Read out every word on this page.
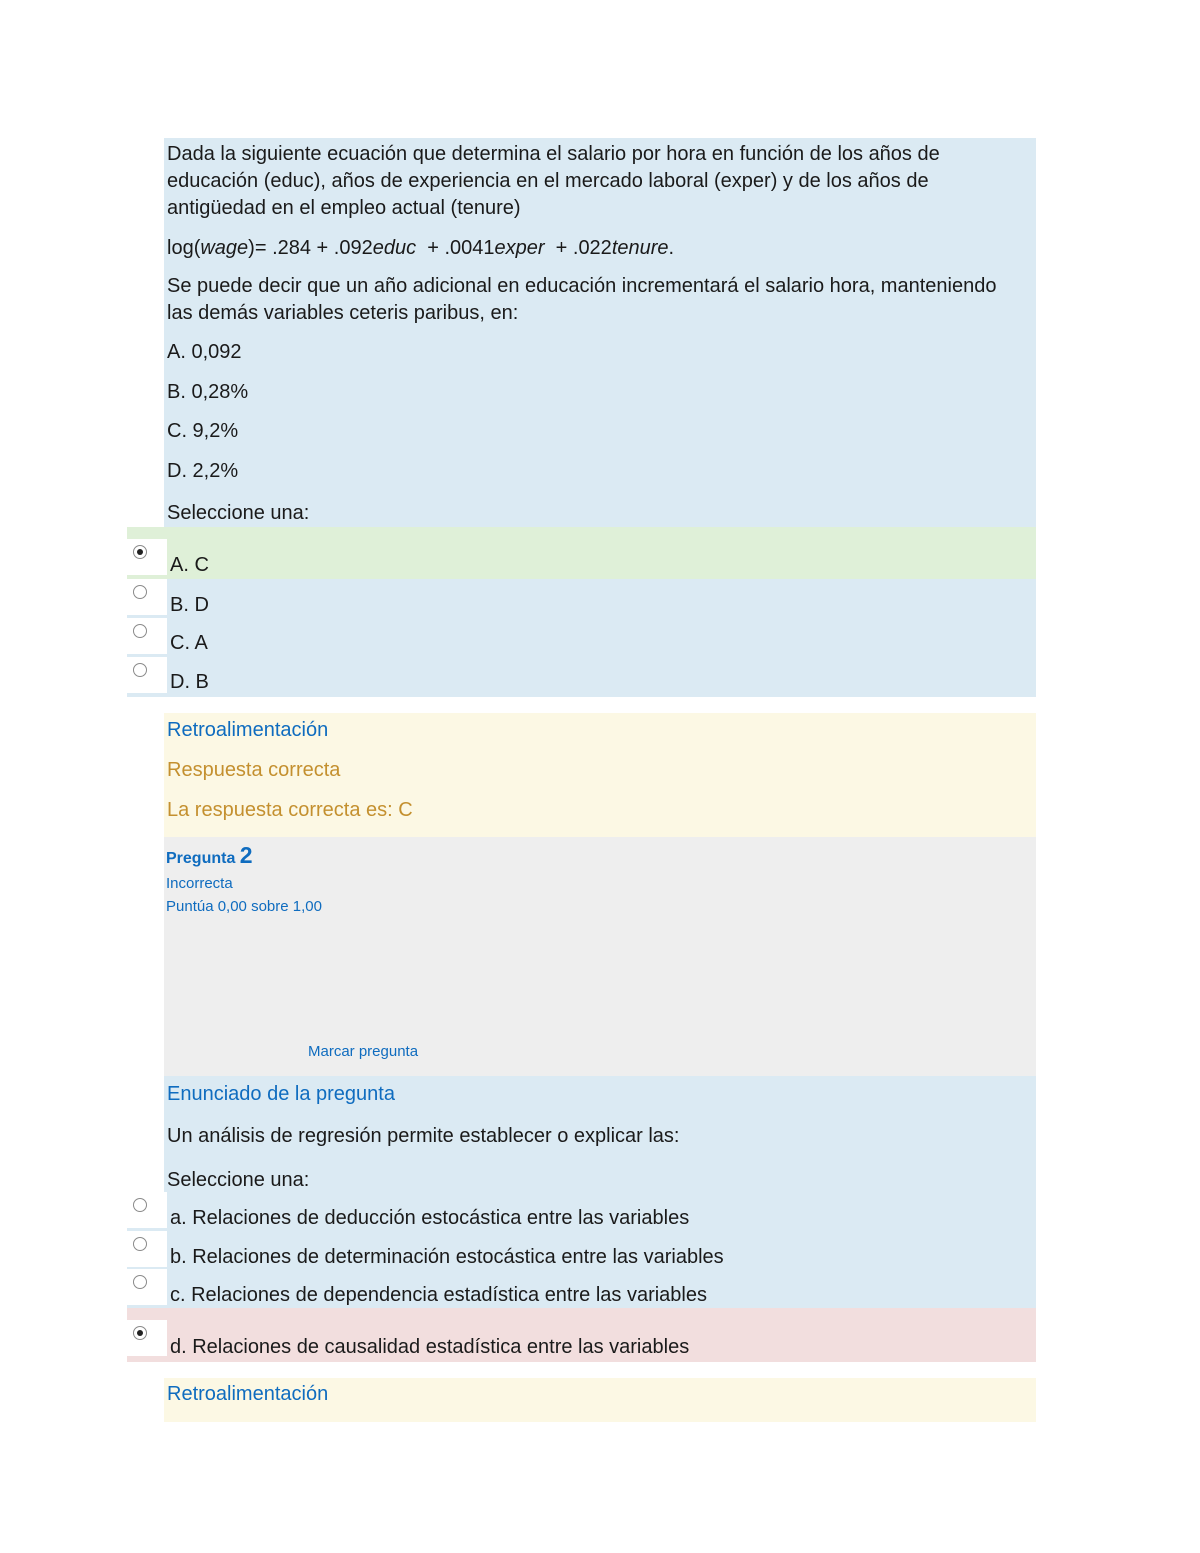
Dada la siguiente ecuación que determina el salario por hora en función de los años de educación (educ), años de experiencia en el mercado laboral (exper) y de los años de antigüedad en el empleo actual (tenure)
log(wage)= .284 + .092educ  + .0041exper  + .022tenure.
Se puede decir que un año adicional en educación incrementará el salario hora, manteniendo las demás variables ceteris paribus, en:
A. 0,092
B. 0,28%
C. 9,2%
D. 2,2%
Seleccione una:
A. C
B. D
C. A
D. B
Retroalimentación
Respuesta correcta
La respuesta correcta es: C
Pregunta 2
Incorrecta
Puntúa 0,00 sobre 1,00
Marcar pregunta
Enunciado de la pregunta
Un análisis de regresión permite establecer o explicar las:
Seleccione una:
a. Relaciones de deducción estocástica entre las variables
b. Relaciones de determinación estocástica entre las variables
c. Relaciones de dependencia estadística entre las variables
d. Relaciones de causalidad estadística entre las variables
Retroalimentación
